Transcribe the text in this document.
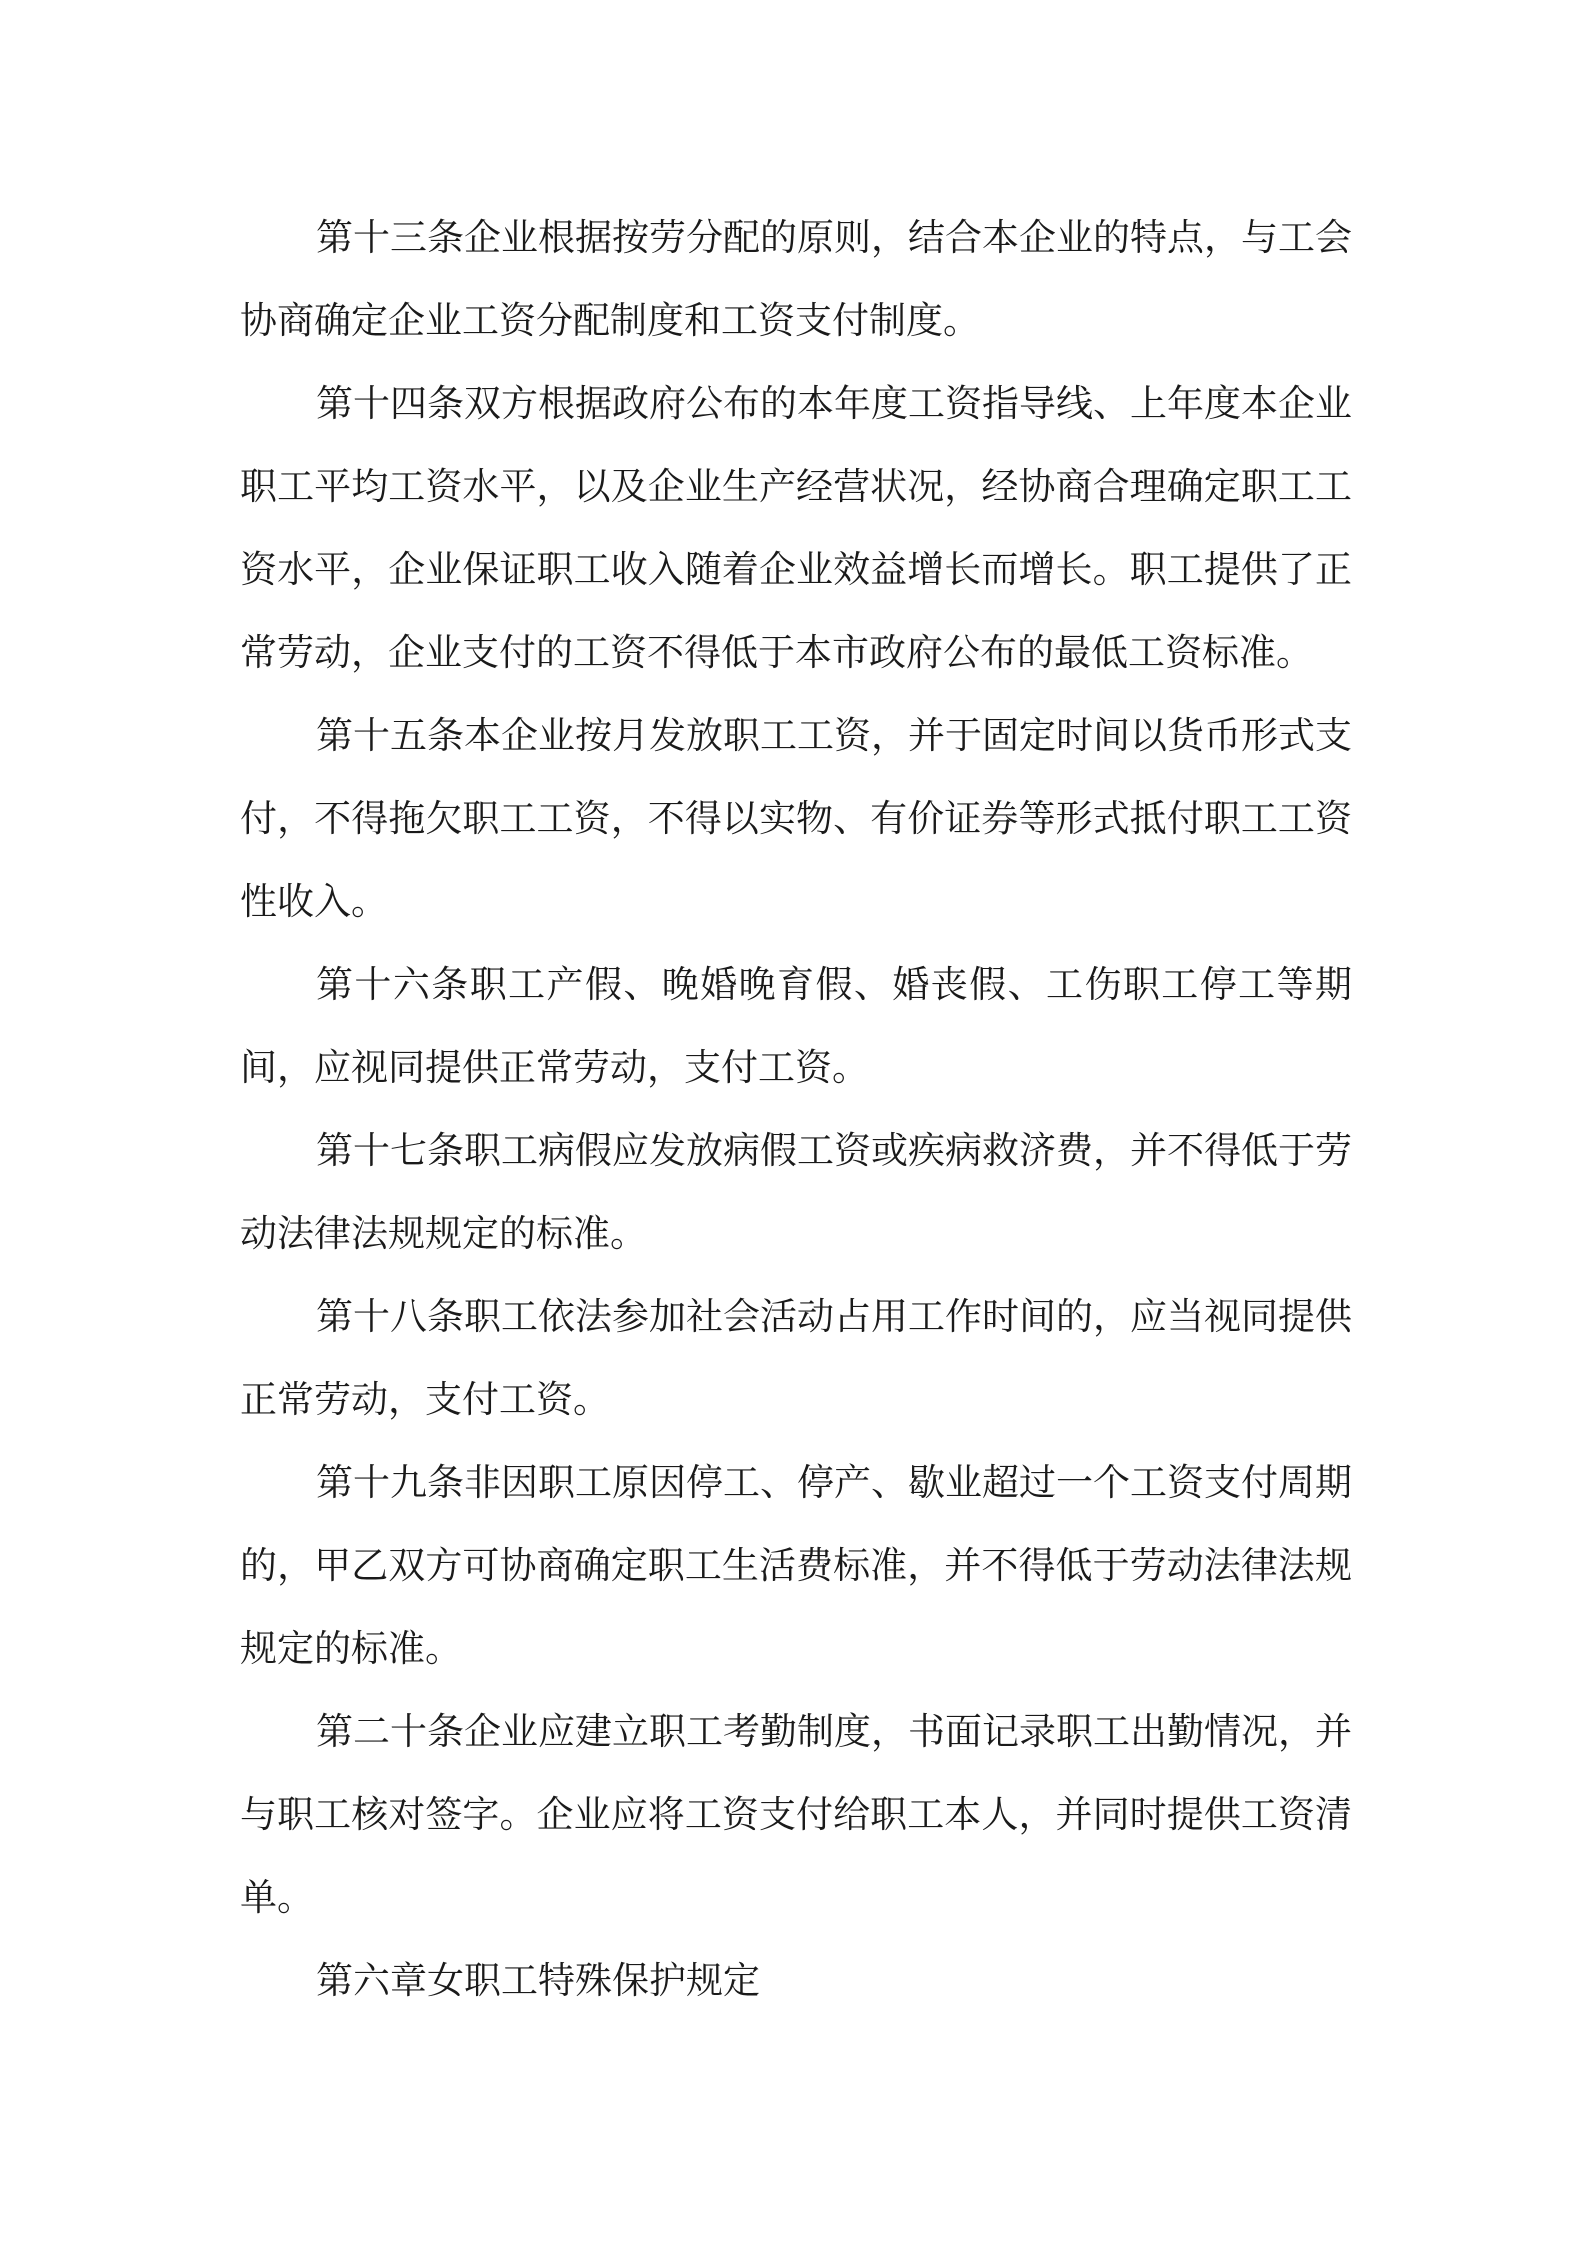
第十三条企业根据按劳分配的原则，结合本企业的特点，与工会协商确定企业工资分配制度和工资支付制度。

第十四条双方根据政府公布的本年度工资指导线、上年度本企业职工平均工资水平，以及企业生产经营状况，经协商合理确定职工工资水平，企业保证职工收入随着企业效益增长而增长。职工提供了正常劳动，企业支付的工资不得低于本市政府公布的最低工资标准。

第十五条本企业按月发放职工工资，并于固定时间以货币形式支付，不得拖欠职工工资，不得以实物、有价证券等形式抵付职工工资性收入。

第十六条职工产假、晚婚晚育假、婚丧假、工伤职工停工等期间，应视同提供正常劳动，支付工资。

第十七条职工病假应发放病假工资或疾病救济费，并不得低于劳动法律法规规定的标准。

第十八条职工依法参加社会活动占用工作时间的，应当视同提供正常劳动，支付工资。

第十九条非因职工原因停工、停产、歇业超过一个工资支付周期的，甲乙双方可协商确定职工生活费标准，并不得低于劳动法律法规规定的标准。

第二十条企业应建立职工考勤制度，书面记录职工出勤情况，并与职工核对签字。企业应将工资支付给职工本人，并同时提供工资清单。

第六章女职工特殊保护规定
